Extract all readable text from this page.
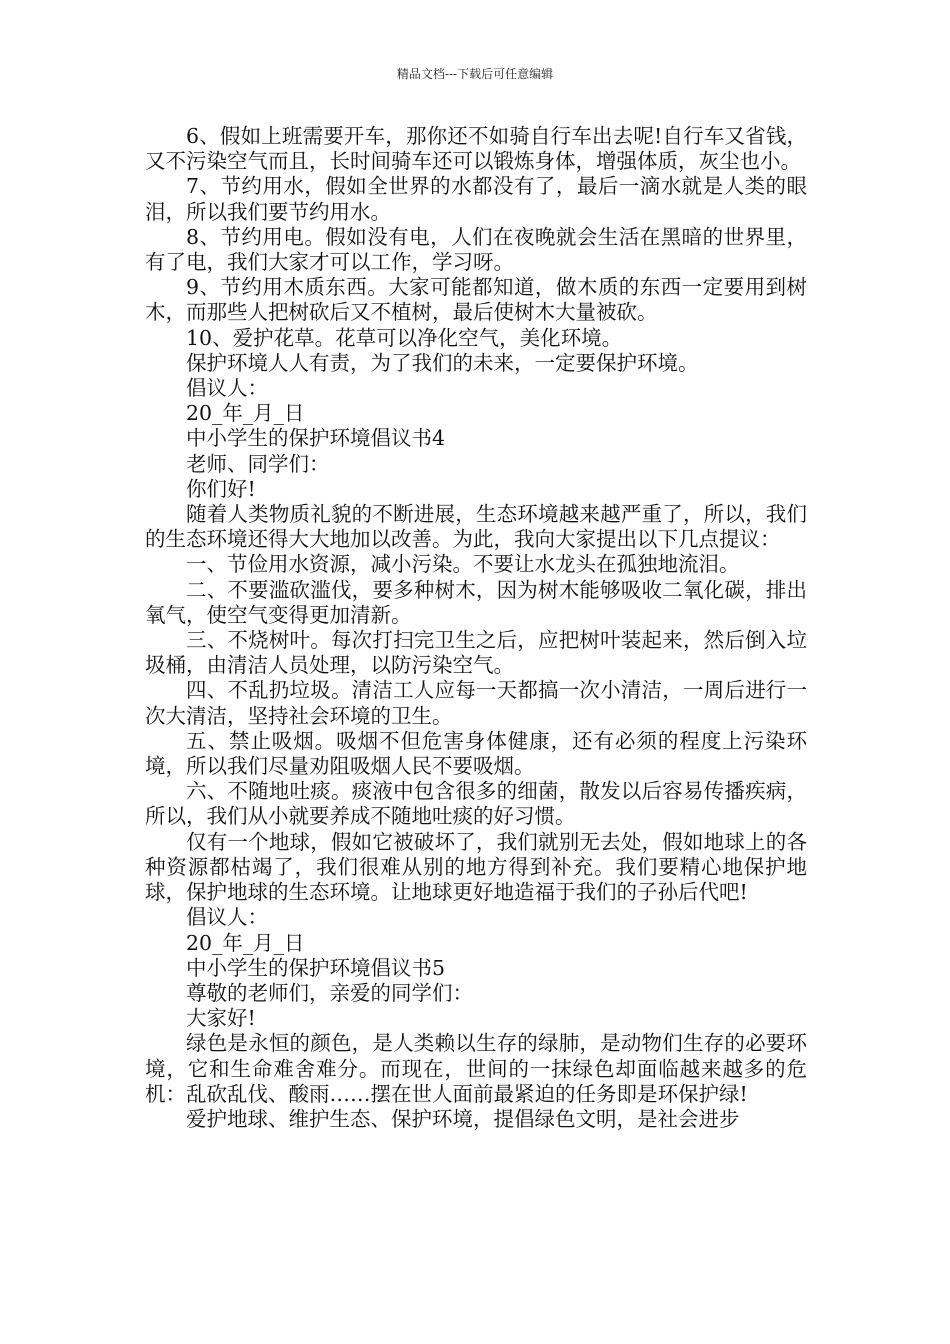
精品文档---下载后可任意编辑

6、假如上班需要开车，那你还不如骑自行车出去呢!自行车又省钱，又不污染空气而且，长时间骑车还可以锻炼身体，增强体质，灰尘也小。

7、节约用水，假如全世界的水都没有了，最后一滴水就是人类的眼泪，所以我们要节约用水。

8、节约用电。假如没有电，人们在夜晚就会生活在黑暗的世界里，有了电，我们大家才可以工作，学习呀。

9、节约用木质东西。大家可能都知道，做木质的东西一定要用到树木，而那些人把树砍后又不植树，最后使树木大量被砍。

10、爱护花草。花草可以净化空气，美化环境。

保护环境人人有责，为了我们的未来，一定要保护环境。

倡议人：

20_年_月_日

中小学生的保护环境倡议书4

老师、同学们：

你们好!

随着人类物质礼貌的不断进展，生态环境越来越严重了，所以，我们的生态环境还得大大地加以改善。为此，我向大家提出以下几点提议：

一、节俭用水资源，减小污染。不要让水龙头在孤独地流泪。

二、不要滥砍滥伐，要多种树木，因为树木能够吸收二氧化碳，排出氧气，使空气变得更加清新。

三、不烧树叶。每次打扫完卫生之后，应把树叶装起来，然后倒入垃圾桶，由清洁人员处理，以防污染空气。

四、不乱扔垃圾。清洁工人应每一天都搞一次小清洁，一周后进行一次大清洁，坚持社会环境的卫生。

五、禁止吸烟。吸烟不但危害身体健康，还有必须的程度上污染环境，所以我们尽量劝阻吸烟人民不要吸烟。

六、不随地吐痰。痰液中包含很多的细菌，散发以后容易传播疾病，所以，我们从小就要养成不随地吐痰的好习惯。

仅有一个地球，假如它被破坏了，我们就别无去处，假如地球上的各种资源都枯竭了，我们很难从别的地方得到补充。我们要精心地保护地球，保护地球的生态环境。让地球更好地造福于我们的子孙后代吧!

倡议人：

20_年_月_日

中小学生的保护环境倡议书5

尊敬的老师们，亲爱的同学们：

大家好!

绿色是永恒的颜色，是人类赖以生存的绿肺，是动物们生存的必要环境，它和生命难舍难分。而现在，世间的一抹绿色却面临越来越多的危机：乱砍乱伐、酸雨……摆在世人面前最紧迫的任务即是环保护绿!

爱护地球、维护生态、保护环境，提倡绿色文明，是社会进步
